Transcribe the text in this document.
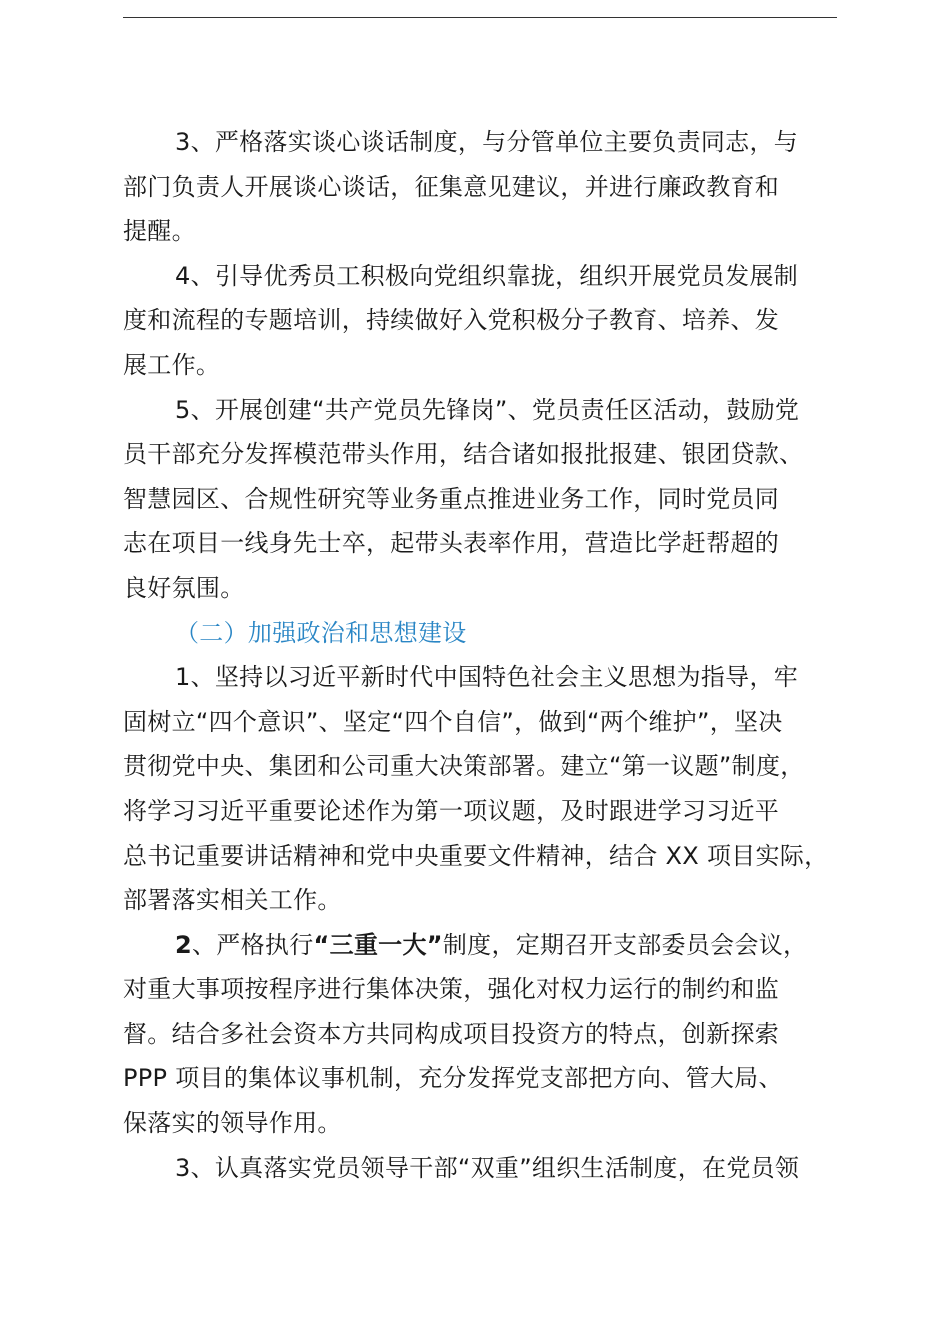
3、严格落实谈心谈话制度，与分管单位主要负责同志，与
部门负责人开展谈心谈话，征集意见建议，并进行廉政教育和
提醒。
4、引导优秀员工积极向党组织靠拢，组织开展党员发展制
度和流程的专题培训，持续做好入党积极分子教育、培养、发
展工作。
5、开展创建“共产党员先锋岗”、党员责任区活动，鼓励党
员干部充分发挥模范带头作用，结合诸如报批报建、银团贷款、
智慧园区、合规性研究等业务重点推进业务工作，同时党员同
志在项目一线身先士卒，起带头表率作用，营造比学赶帮超的
良好氛围。
（二）加强政治和思想建设
1、坚持以习近平新时代中国特色社会主义思想为指导，牢
固树立“四个意识”、坚定“四个自信”，做到“两个维护”，坚决
贯彻党中央、集团和公司重大决策部署。建立“第一议题”制度，
将学习习近平重要论述作为第一项议题，及时跟进学习习近平
总书记重要讲话精神和党中央重要文件精神，结合 XX 项目实际，
部署落实相关工作。
2、严格执行“三重一大”制度，定期召开支部委员会会议，
对重大事项按程序进行集体决策，强化对权力运行的制约和监
督。结合多社会资本方共同构成项目投资方的特点，创新探索
PPP 项目的集体议事机制，充分发挥党支部把方向、管大局、
保落实的领导作用。
3、认真落实党员领导干部“双重”组织生活制度，在党员领
